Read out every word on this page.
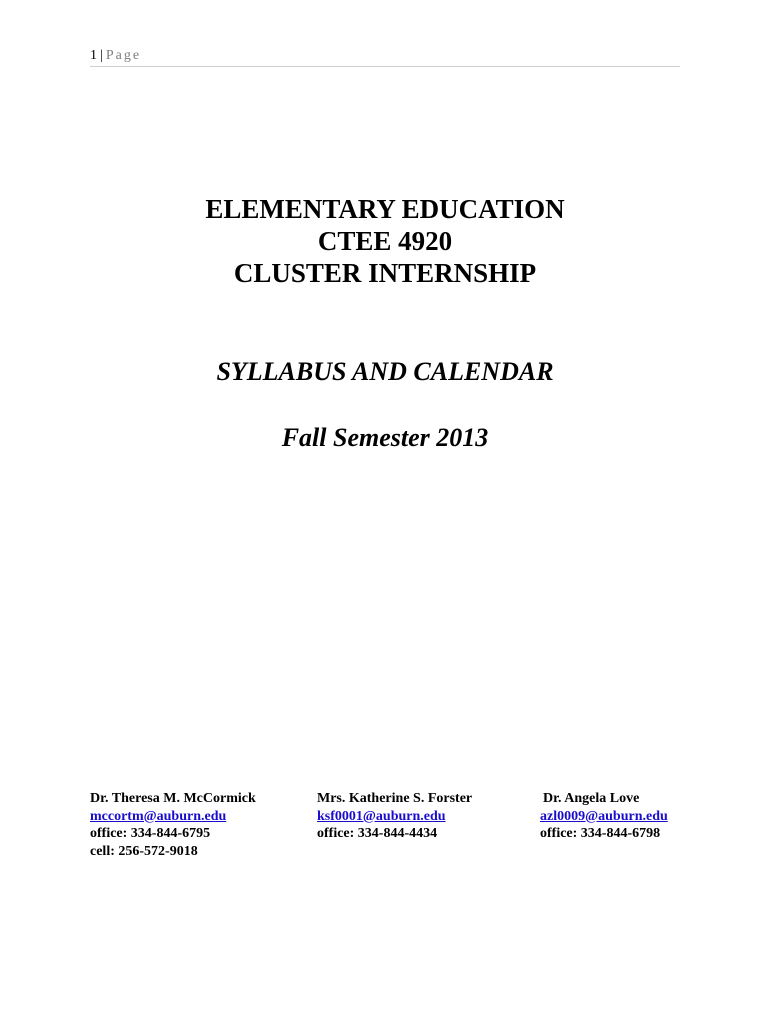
1 | Page
ELEMENTARY EDUCATION
CTEE 4920
CLUSTER INTERNSHIP
SYLLABUS AND CALENDAR
Fall Semester 2013
Dr. Theresa M. McCormick
mccortm@auburn.edu
office: 334-844-6795
cell: 256-572-9018
Mrs. Katherine S. Forster
ksf0001@auburn.edu
office: 334-844-4434
Dr. Angela Love
azl0009@auburn.edu
office: 334-844-6798
